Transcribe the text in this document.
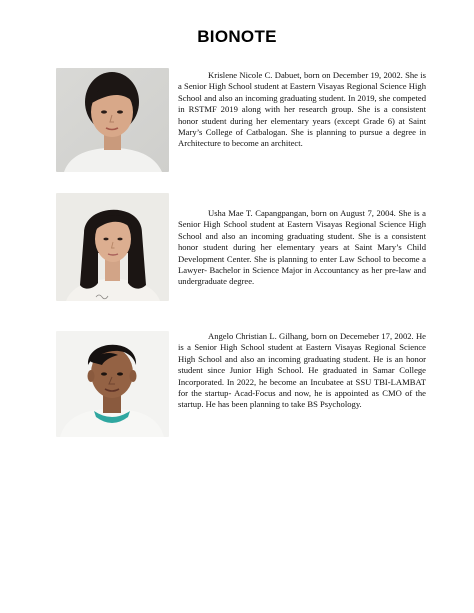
BIONOTE

Krislene Nicole C. Dabuet, born on December 19, 2002. She is a Senior High School student at Eastern Visayas Regional Science High School and also an incoming graduating student. In 2019, she competed in RSTMF 2019 along with her research group. She is a consistent honor student during her elementary years (except Grade 6) at Saint Mary’s College of Catbalogan. She is planning to pursue a degree in Architecture to become an architect.

Usha Mae T. Capangpangan, born on August 7, 2004. She is a Senior High School student at Eastern Visayas Regional Science High School and also an incoming graduating student. She is a consistent honor student during her elementary years at Saint Mary’s Child Development Center. She is planning to enter Law School to become a Lawyer- Bachelor in Science Major in Accountancy as her pre-law and undergraduate degree.

Angelo Christian L. Gilhang, born on Decemeber 17, 2002. He is a Senior High School student at Eastern Visayas Regional Science High School and also an incoming graduating student. He is an honor student since Junior High School. He graduated in Samar College Incorporated. In 2022, he become an Incubatee at SSU TBI-LAMBAT for the startup- Acad-Focus and now, he is appointed as CMO of the startup. He has been planning to take BS Psychology.
